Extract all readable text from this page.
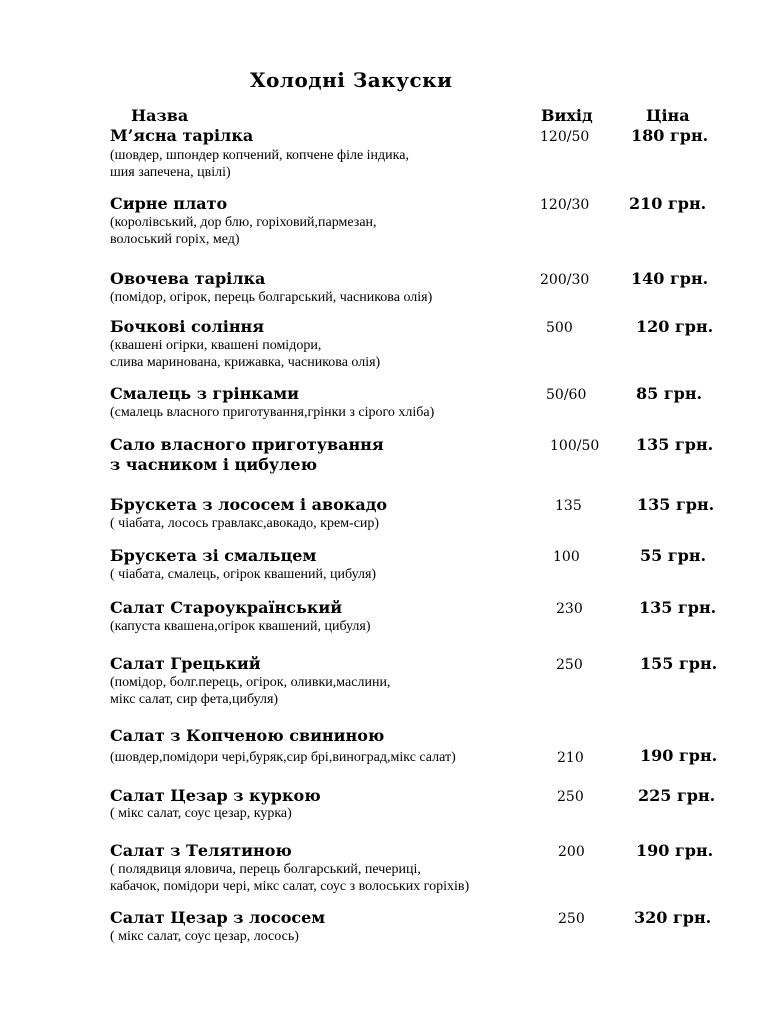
Холодні Закуски
Назва	Вихід	Ціна
М’ясна тарілка	120/50	180 грн.
(шовдер, шпондер копчений, копчене філе індика,
шия запечена, цвілі)
Сирне плато	120/30 210 грн.
(королівський, дор блю, горіховий,пармезан,
волоський горіх, мед)
Овочева тарілка	200/30	140 грн.
(помідор, огірок, перець болгарський, часникова олія)
Бочкові соління	500	120 грн.
(квашені огірки, квашені помідори,
слива маринована, крижавка, часникова олія)
Смалець з грінками	50/60	85 грн.
(смалець власного приготування,грінки з сірого хліба)
Сало власного приготування
з часником і цибулею
100/50 135 грн.
Брускета з лососем і авокадо	135	135 грн.
( чіабата, лосось гравлакс,авокадо, крем-сир)
Брускета зі смальцем	100	55 грн.
( чіабата, смалець, огірок квашений, цибуля)
Салат Староукраїнський	230	135 грн.
(капуста квашена,огірок квашений, цибуля)
Салат Грецький	250	155 грн.
(помідор, болг.перець, огірок, оливки,маслини,
мікс салат, сир фета,цибуля)
Салат з Копченою свининою
210	190 грн.
(шовдер,помідори чері,буряк,сир брі,виноград,мікс салат)
Салат Цезар з куркою	250	225 грн.
( мікс салат, соус цезар, курка)
Салат з Телятиною	200	190 грн.
( полядвиця яловича, перець болгарський, печериці,
кабачок, помідори чері, мікс салат, соус з волоських горіхів)
Салат Цезар з лососем	250	320 грн.
( мікс салат, соус цезар, лосось)
